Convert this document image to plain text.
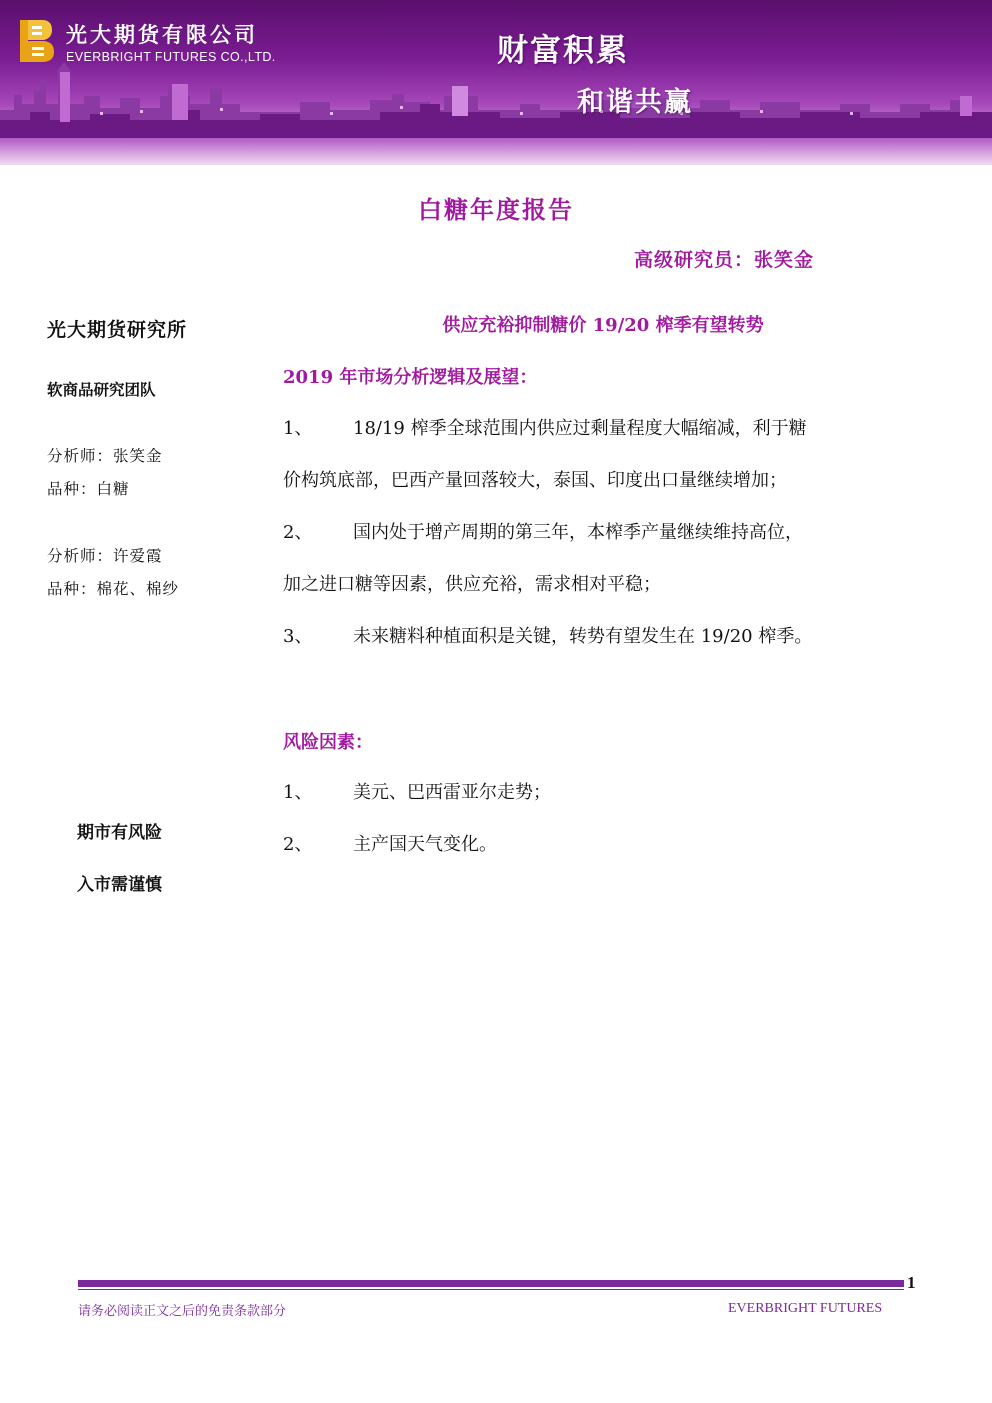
光大期货有限公司
EVERBRIGHT FUTURES CO.,LTD.	财富积累
和谐共赢
白糖年度报告
高级研究员：张笑金
光大期货研究所
软商品研究团队
分析师：张笑金
品种：白糖
分析师：许爱霞
品种：棉花、棉纱
期市有风险
入市需谨慎
供应充裕抑制糖价 19/20 榨季有望转势
2019 年市场分析逻辑及展望：
1、 18/19 榨季全球范围内供应过剩量程度大幅缩减，利于糖
价构筑底部，巴西产量回落较大，泰国、印度出口量继续增加；
2、 国内处于增产周期的第三年，本榨季产量继续维持高位，
加之进口糖等因素，供应充裕，需求相对平稳；
3、 未来糖料种植面积是关键，转势有望发生在 19/20 榨季。
风险因素：
1、 美元、巴西雷亚尔走势；
2、 主产国天气变化。
1
请务必阅读正文之后的免责条款部分	EVERBRIGHT FUTURES
